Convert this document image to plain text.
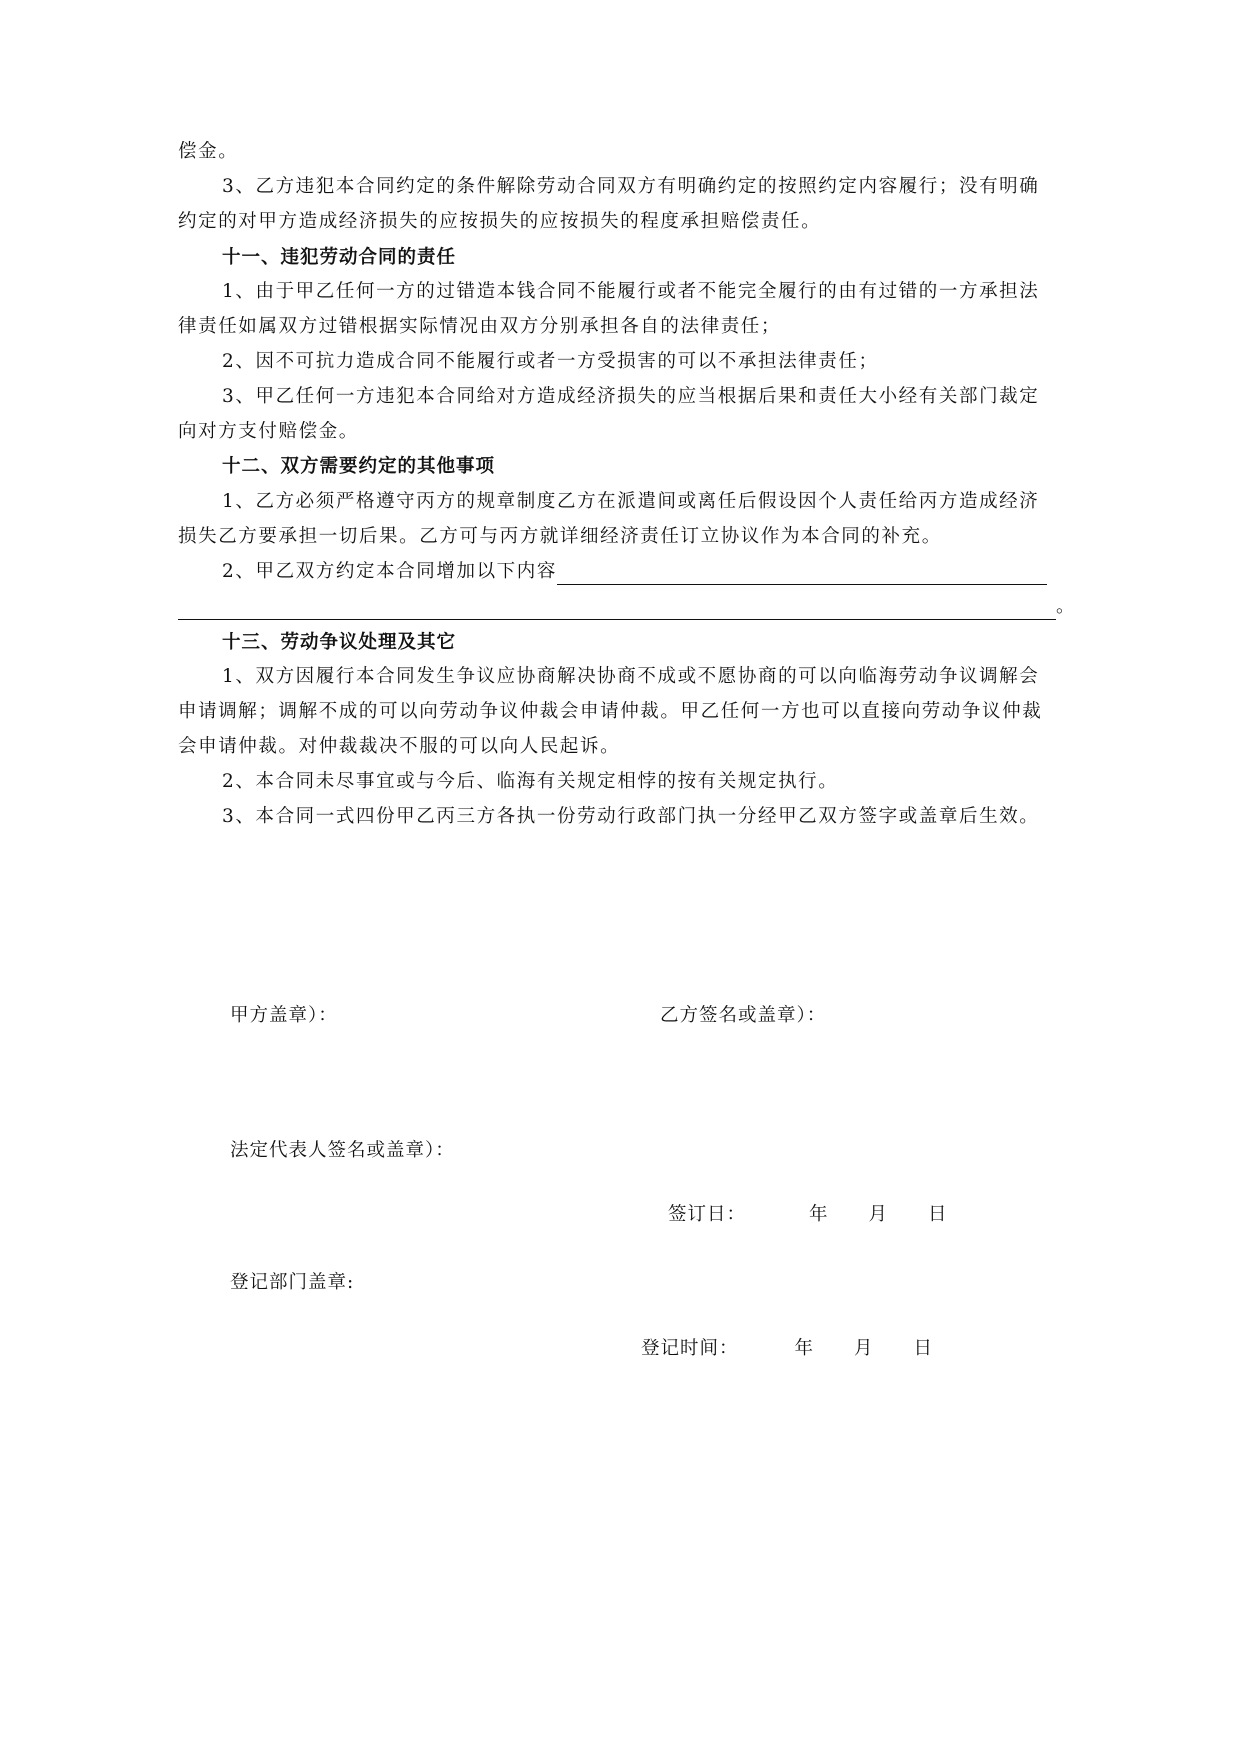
偿金。
3、乙方违犯本合同约定的条件解除劳动合同双方有明确约定的按照约定内容履行；没有明确
约定的对甲方造成经济损失的应按损失的应按损失的程度承担赔偿责任。
十一、违犯劳动合同的责任
1、由于甲乙任何一方的过错造本钱合同不能履行或者不能完全履行的由有过错的一方承担法
律责任如属双方过错根据实际情况由双方分别承担各自的法律责任；
2、因不可抗力造成合同不能履行或者一方受损害的可以不承担法律责任；
3、甲乙任何一方违犯本合同给对方造成经济损失的应当根据后果和责任大小经有关部门裁定
向对方支付赔偿金。
十二、双方需要约定的其他事项
1、乙方必须严格遵守丙方的规章制度乙方在派遣间或离任后假设因个人责任给丙方造成经济
损失乙方要承担一切后果。乙方可与丙方就详细经济责任订立协议作为本合同的补充。
2、甲乙双方约定本合同增加以下内容
。
十三、劳动争议处理及其它
1、双方因履行本合同发生争议应协商解决协商不成或不愿协商的可以向临海劳动争议调解会
申请调解；调解不成的可以向劳动争议仲裁会申请仲裁。甲乙任何一方也可以直接向劳动争议仲裁
会申请仲裁。对仲裁裁决不服的可以向人民起诉。
2、本合同未尽事宜或与今后、临海有关规定相悖的按有关规定执行。
3、本合同一式四份甲乙丙三方各执一份劳动行政部门执一分经甲乙双方签字或盖章后生效。
甲方盖章）：	乙方签名或盖章）：
法定代表人签名或盖章）：
签订日：	年 月 日
登记部门盖章:
登记时间：	年 月 日
